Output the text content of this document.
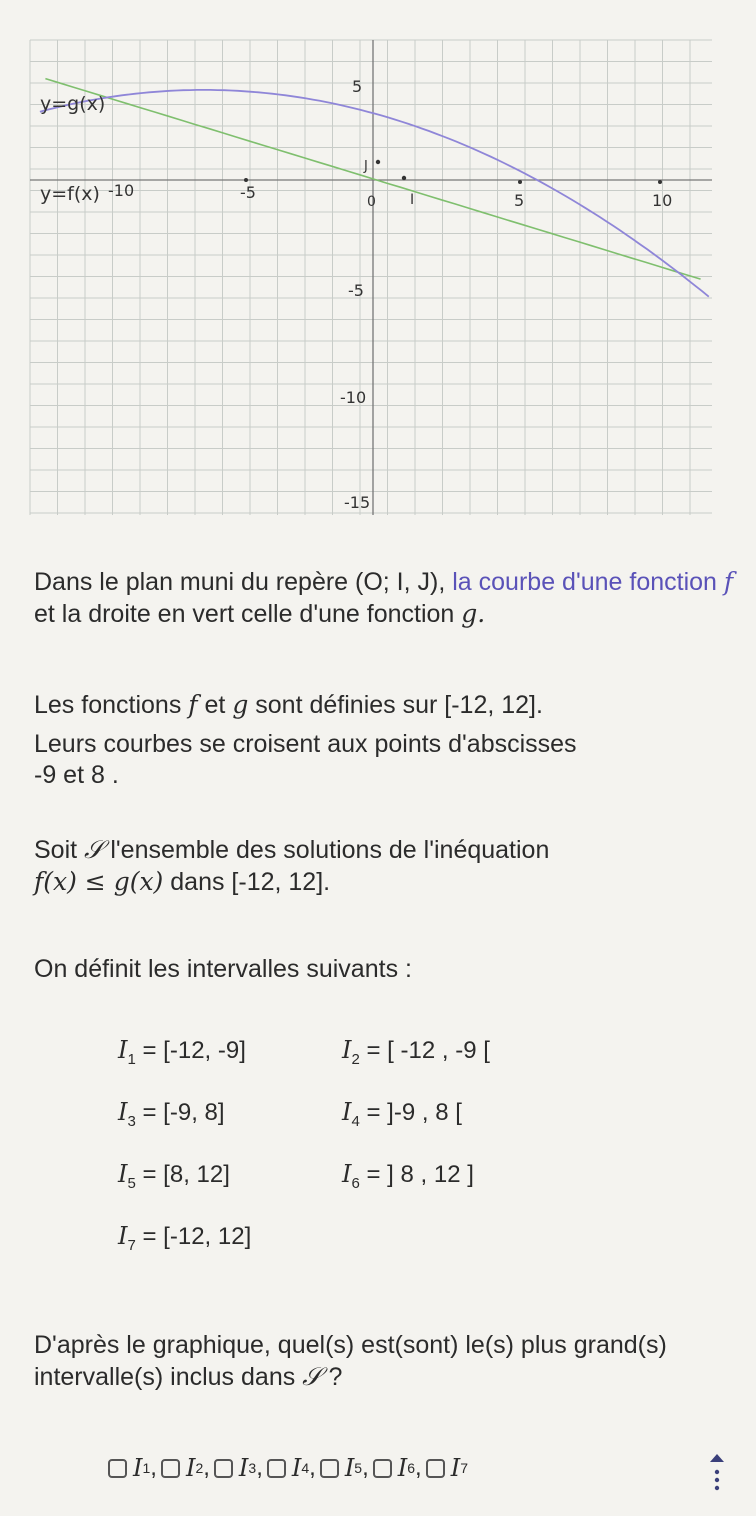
y=g(x)
y=f(x) -10	-5	0 I	5	10
5
-5
-10
-15
J
Dans le plan muni du repère (O; I, J), la courbe d'une fonction f et la droite en vert celle d'une fonction g.
Les fonctions f et g sont définies sur [-12, 12].
Leurs courbes se croisent aux points d'abscisses -9 et 8 .
Soit 𝒮 l'ensemble des solutions de l'inéquation
f(x) ≤ g(x) dans [-12, 12].
On définit les intervalles suivants :
$I_1 = [-12$, -9]	$I_2$ = [ -12 , -9 [
$I_3 = [-9$, 8]	$I_4 = ]-9$ , 8 [
$I_5 = [8$, 12]	$I_6$ = ] 8 , 12 ]
$I_7 = [-12$, 12]
D'après le graphique, quel(s) est(sont) le(s) plus grand(s) intervalle(s) inclus dans 𝒮 ?
I 1 , I 2 , I 3 , I 4 , I 5 , I 6 , I 7
